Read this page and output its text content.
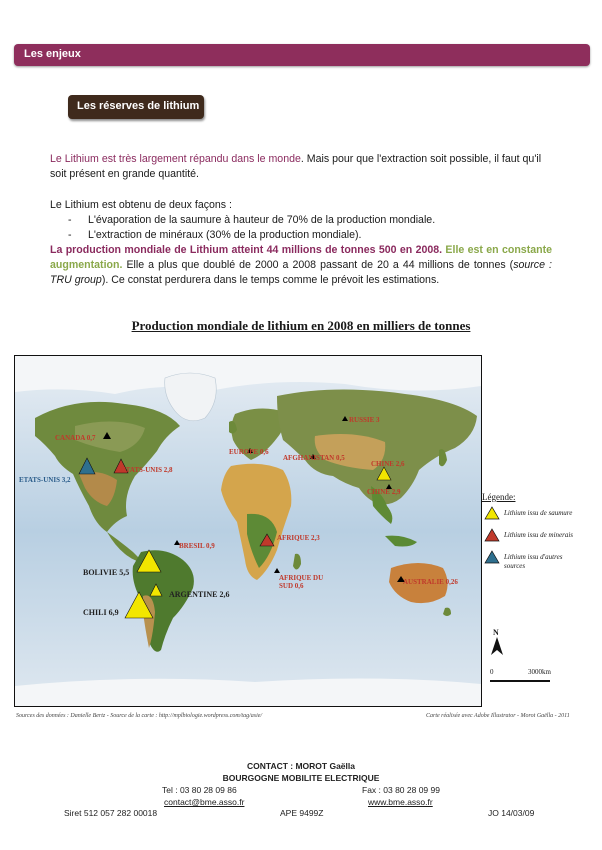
Les enjeux
Les réserves de lithium
Le Lithium est très largement répandu dans le monde. Mais pour que l'extraction soit possible, il faut qu'il soit présent en grande quantité.
Le Lithium est obtenu de deux façons :
- L'évaporation de la saumure à hauteur de 70% de la production mondiale.
- L'extraction de minéraux (30% de la production mondiale).
La production mondiale de Lithium atteint 44 millions de tonnes 500 en 2008. Elle est en constante augmentation. Elle a plus que doublé de 2000 a 2008 passant de 20 a 44 millions de tonnes (source : TRU group). Ce constat perdurera dans le temps comme le prévoit les estimations.
Production mondiale de lithium en 2008 en milliers de tonnes
CANADA 0,7
ETATS-UNIS 3,2
ETATS-UNIS 2,8
EUROPE 0,6
RUSSIE 3
AFGHANISTAN 0,5
CHINE 2,6
CHINE 2,9
BRESIL 0,9
AFRIQUE 2,3
BOLIVIE 5,5
ARGENTINE 2,6
CHILI 6,9
AFRIQUE DU SUD 0,6	AUSTRALIE 0,26
Légende:
Lithium issu de saumure
Lithium issu de minerais
Lithium issu d'autres sources
N
0	3000km
Sources des données : Danielle Bertz - Source de la carte : http://mplbiologie.wordpress.com/tag/asie/	Carte réalisée avec Adobe Illustrator - Morot Gaëlla - 2011
CONTACT : MOROT Gaëlla
BOURGOGNE MOBILITE ELECTRIQUE
Tel : 03 80 28 09 86	Fax : 03 80 28 09 99
contact@bme.asso.fr	www.bme.asso.fr
Siret 512 057 282 00018	APE 9499Z	JO 14/03/09
